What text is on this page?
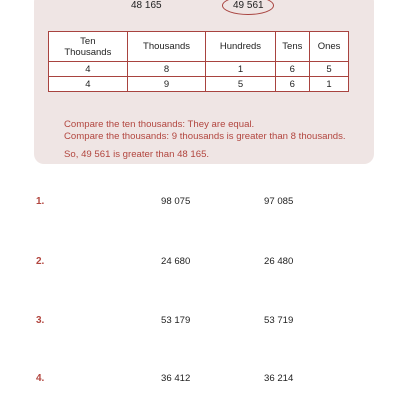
48 165	49 561
Ten
Thousands	Thousands	Hundreds	Tens	Ones
4	8	1	6	5
4	9	5	6	1
Compare the ten thousands: They are equal.
Compare the thousands: 9 thousands is greater than 8 thousands.
So, 49 561 is greater than 48 165.
1.	98 075	97 085
2.	24 680	26 480
3.	53 179	53 719
4.	36 412	36 214
